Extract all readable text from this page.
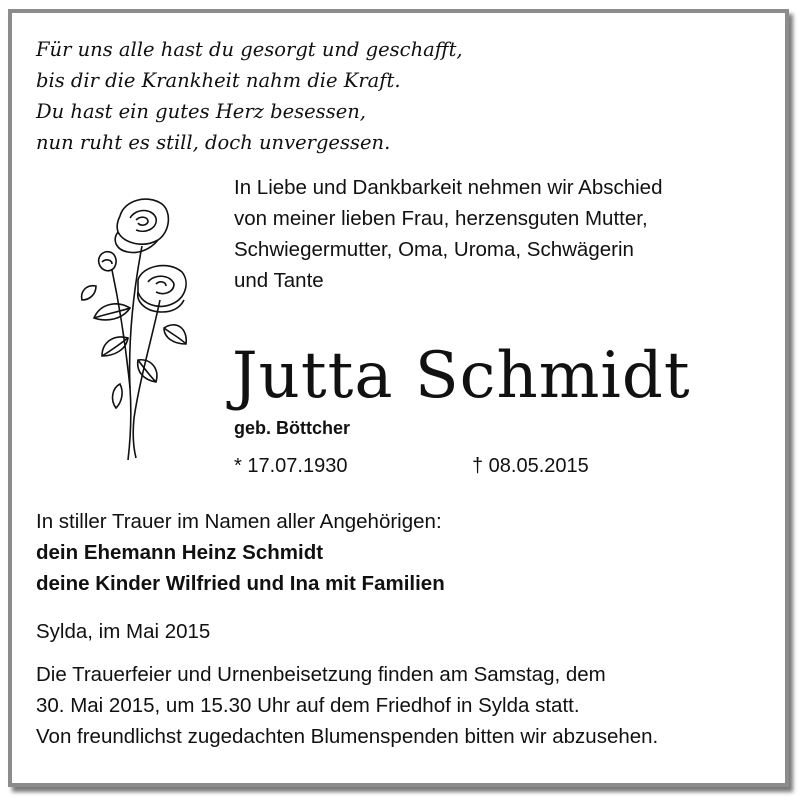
Für uns alle hast du gesorgt und geschafft,
bis dir die Krankheit nahm die Kraft.
Du hast ein gutes Herz besessen,
nun ruht es still, doch unvergessen.
In Liebe und Dankbarkeit nehmen wir Abschied
von meiner lieben Frau, herzensguten Mutter,
Schwiegermutter, Oma, Uroma, Schwägerin
und Tante
Jutta Schmidt
geb. Böttcher
* 17.07.1930	† 08.05.2015
In stiller Trauer im Namen aller Angehörigen:
dein Ehemann Heinz Schmidt
deine Kinder Wilfried und Ina mit Familien
Sylda, im Mai 2015
Die Trauerfeier und Urnenbeisetzung finden am Samstag, dem
30. Mai 2015, um 15.30 Uhr auf dem Friedhof in Sylda statt.
Von freundlichst zugedachten Blumenspenden bitten wir abzusehen.
